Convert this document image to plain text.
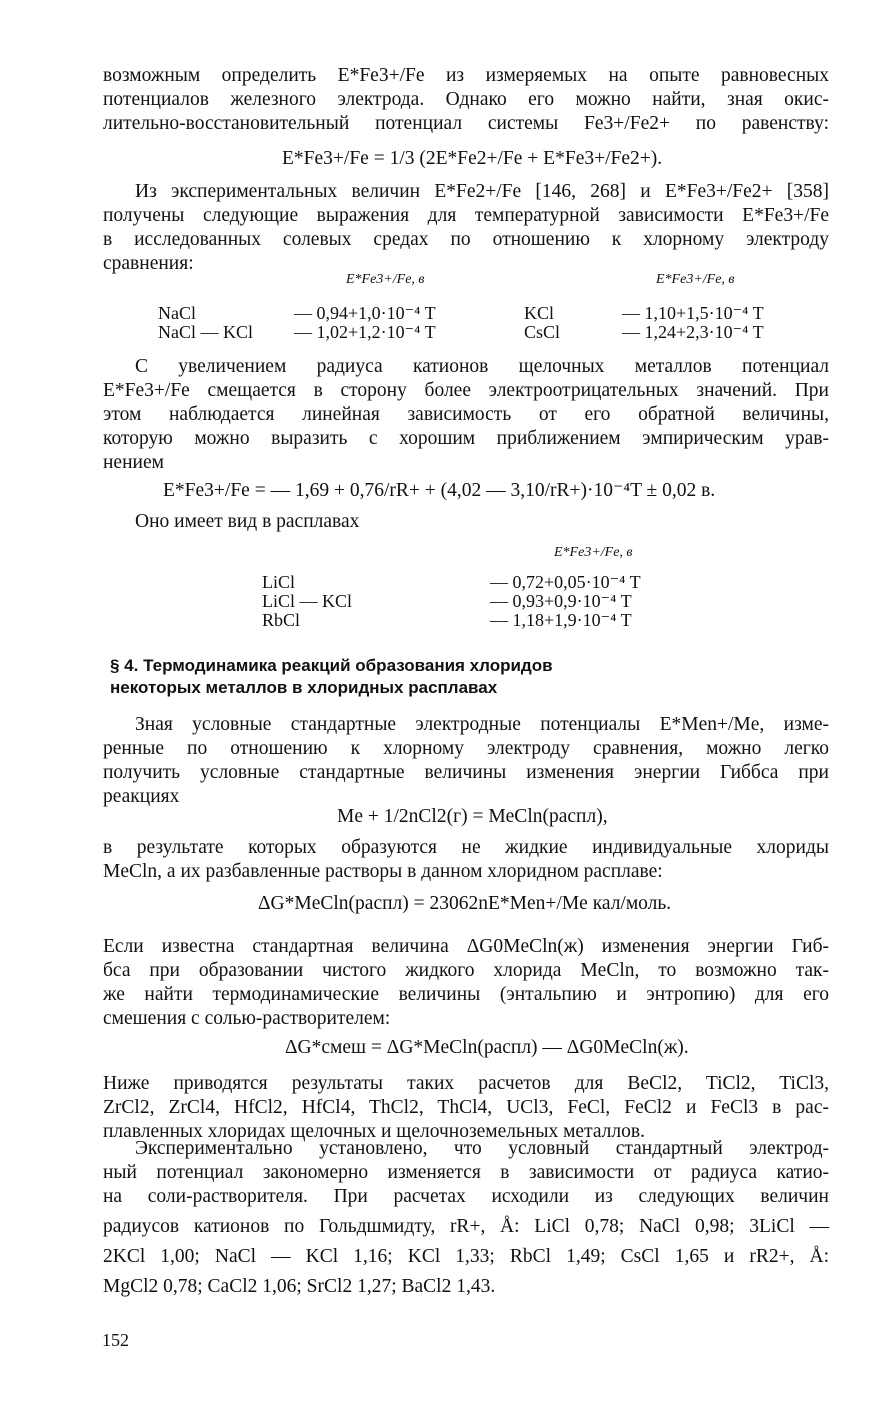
возможным определить E*Fe3+/Fe из измеряемых на опыте равновесных
потенциалов железного электрода. Однако его можно найти, зная окис-
лительно-восстановительный потенциал системы Fe3+/Fe2+ по равенству:
E*Fe3+/Fe = 1/3 (2E*Fe2+/Fe + E*Fe3+/Fe2+).
Из экспериментальных величин E*Fe2+/Fe [146, 268] и E*Fe3+/Fe2+ [358]
получены следующие выражения для температурной зависимости E*Fe3+/Fe
в исследованных солевых средах по отношению к хлорному электроду
сравнения:
E*Fe3+/Fe, в	E*Fe3+/Fe, в
NaCl
NaCl — KCl
— 0,94+1,0·10⁻⁴ T
— 1,02+1,2·10⁻⁴ T
KCl
CsCl
— 1,10+1,5·10⁻⁴ T
— 1,24+2,3·10⁻⁴ T
С увеличением радиуса катионов щелочных металлов потенциал
E*Fe3+/Fe смещается в сторону более электроотрицательных значений. При
этом наблюдается линейная зависимость от его обратной величины,
которую можно выразить с хорошим приближением эмпирическим урав-
нением
E*Fe3+/Fe = — 1,69 + 0,76/rR+ + (4,02 — 3,10/rR+)·10⁻⁴T ± 0,02 в.
Оно имеет вид в расплавах
E*Fe3+/Fe, в
LiCl
LiCl — KCl
RbCl
— 0,72+0,05·10⁻⁴ T
— 0,93+0,9·10⁻⁴ T
— 1,18+1,9·10⁻⁴ T
§ 4. Термодинамика реакций образования хлоридов
некоторых металлов в хлоридных расплавах
Зная условные стандартные электродные потенциалы E*Men+/Me, изме-
ренные по отношению к хлорному электроду сравнения, можно легко
получить условные стандартные величины изменения энергии Гиббса при
реакциях
Me + 1/2nCl2(г) = MeCln(распл),
в результате которых образуются не жидкие индивидуальные хлориды
MeCln, а их разбавленные растворы в данном хлоридном расплаве:
ΔG*MeCln(распл) = 23062nE*Men+/Me кал/моль.
Если известна стандартная величина ΔG0MeCln(ж) изменения энергии Гиб-
бса при образовании чистого жидкого хлорида MeCln, то возможно так-
же найти термодинамические величины (энтальпию и энтропию) для его
смешения с солью-растворителем:
ΔG*смеш = ΔG*MeCln(распл) — ΔG0MeCln(ж).
Ниже приводятся результаты таких расчетов для BeCl2, TiCl2, TiCl3,
ZrCl2, ZrCl4, HfCl2, HfCl4, ThCl2, ThCl4, UCl3, FeCl, FeCl2 и FeCl3 в рас-
плавленных хлоридах щелочных и щелочноземельных металлов.
Экспериментально установлено, что условный стандартный электрод-
ный потенциал закономерно изменяется в зависимости от радиуса катио-
на соли-растворителя. При расчетах исходили из следующих величин
радиусов катионов по Гольдшмидту, rR+, Å: LiCl 0,78; NaCl 0,98; 3LiCl —
2KCl 1,00; NaCl — KCl 1,16; KCl 1,33; RbCl 1,49; CsCl 1,65 и rR2+, Å:
MgCl2 0,78; CaCl2 1,06; SrCl2 1,27; BaCl2 1,43.
152
